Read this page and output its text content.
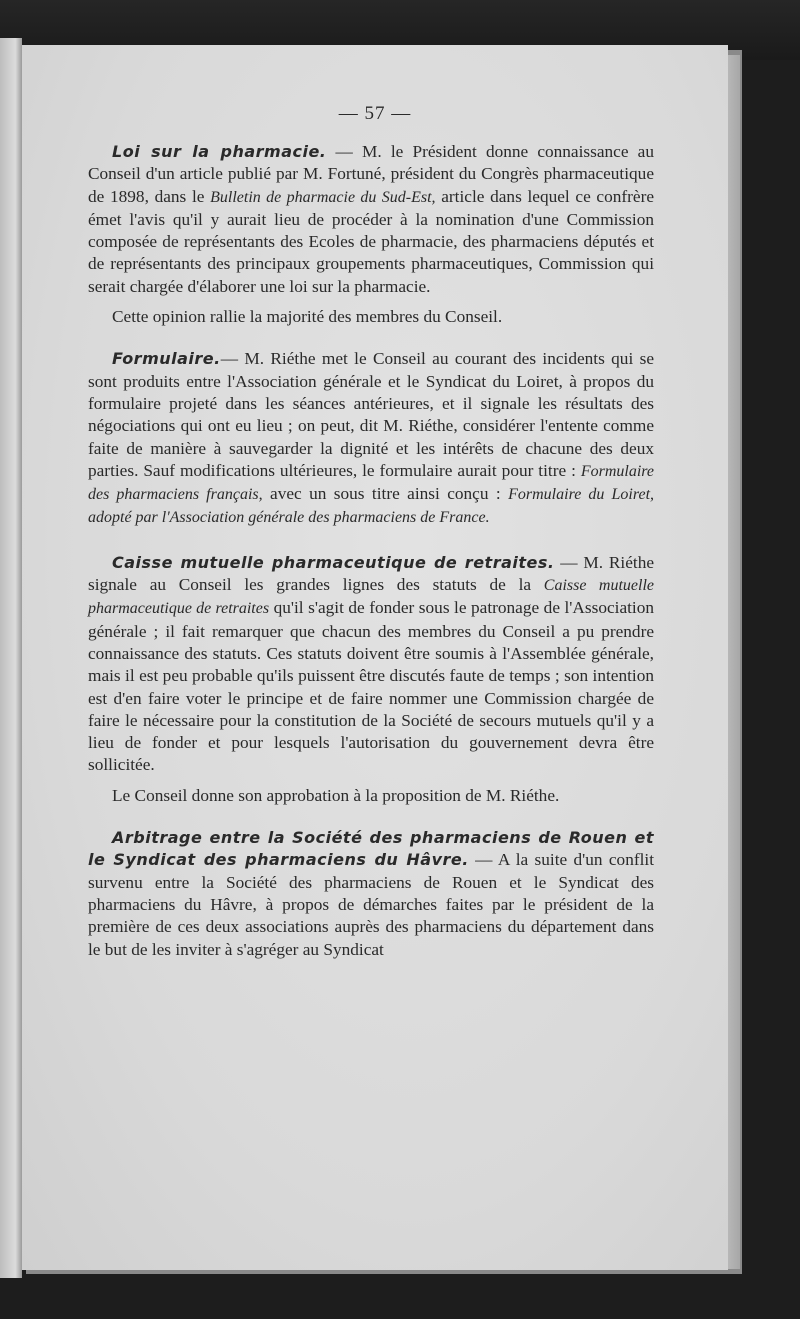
— 57 —

Loi sur la pharmacie. — M. le Président donne connaissance au Conseil d'un article publié par M. Fortuné, président du Congrès pharmaceutique de 1898, dans le Bulletin de pharmacie du Sud-Est, article dans lequel ce confrère émet l'avis qu'il y aurait lieu de procéder à la nomination d'une Commission composée de représentants des Ecoles de pharmacie, des pharmaciens députés et de représentants des principaux groupements pharmaceutiques, Commission qui serait chargée d'élaborer une loi sur la pharmacie.

Cette opinion rallie la majorité des membres du Conseil.

Formulaire.— M. Riéthe met le Conseil au courant des incidents qui se sont produits entre l'Association générale et le Syndicat du Loiret, à propos du formulaire projeté dans les séances antérieures, et il signale les résultats des négociations qui ont eu lieu ; on peut, dit M. Riéthe, considérer l'entente comme faite de manière à sauvegarder la dignité et les intérêts de chacune des deux parties. Sauf modifications ultérieures, le formulaire aurait pour titre : Formulaire des pharmaciens français, avec un sous titre ainsi conçu : Formulaire du Loiret, adopté par l'Association générale des pharmaciens de France.

Caisse mutuelle pharmaceutique de retraites. — M. Riéthe signale au Conseil les grandes lignes des statuts de la Caisse mutuelle pharmaceutique de retraites qu'il s'agit de fonder sous le patronage de l'Association générale ; il fait remarquer que chacun des membres du Conseil a pu prendre connaissance des statuts. Ces statuts doivent être soumis à l'Assemblée générale, mais il est peu probable qu'ils puissent être discutés faute de temps ; son intention est d'en faire voter le principe et de faire nommer une Commission chargée de faire le nécessaire pour la constitution de la Société de secours mutuels qu'il y a lieu de fonder et pour lesquels l'autorisation du gouvernement devra être sollicitée.

Le Conseil donne son approbation à la proposition de M. Riéthe.

Arbitrage entre la Société des pharmaciens de Rouen et le Syndicat des pharmaciens du Hâvre. — A la suite d'un conflit survenu entre la Société des pharmaciens de Rouen et le Syndicat des pharmaciens du Hâvre, à propos de démarches faites par le président de la première de ces deux associations auprès des pharmaciens du département dans le but de les inviter à s'agréger au Syndicat
